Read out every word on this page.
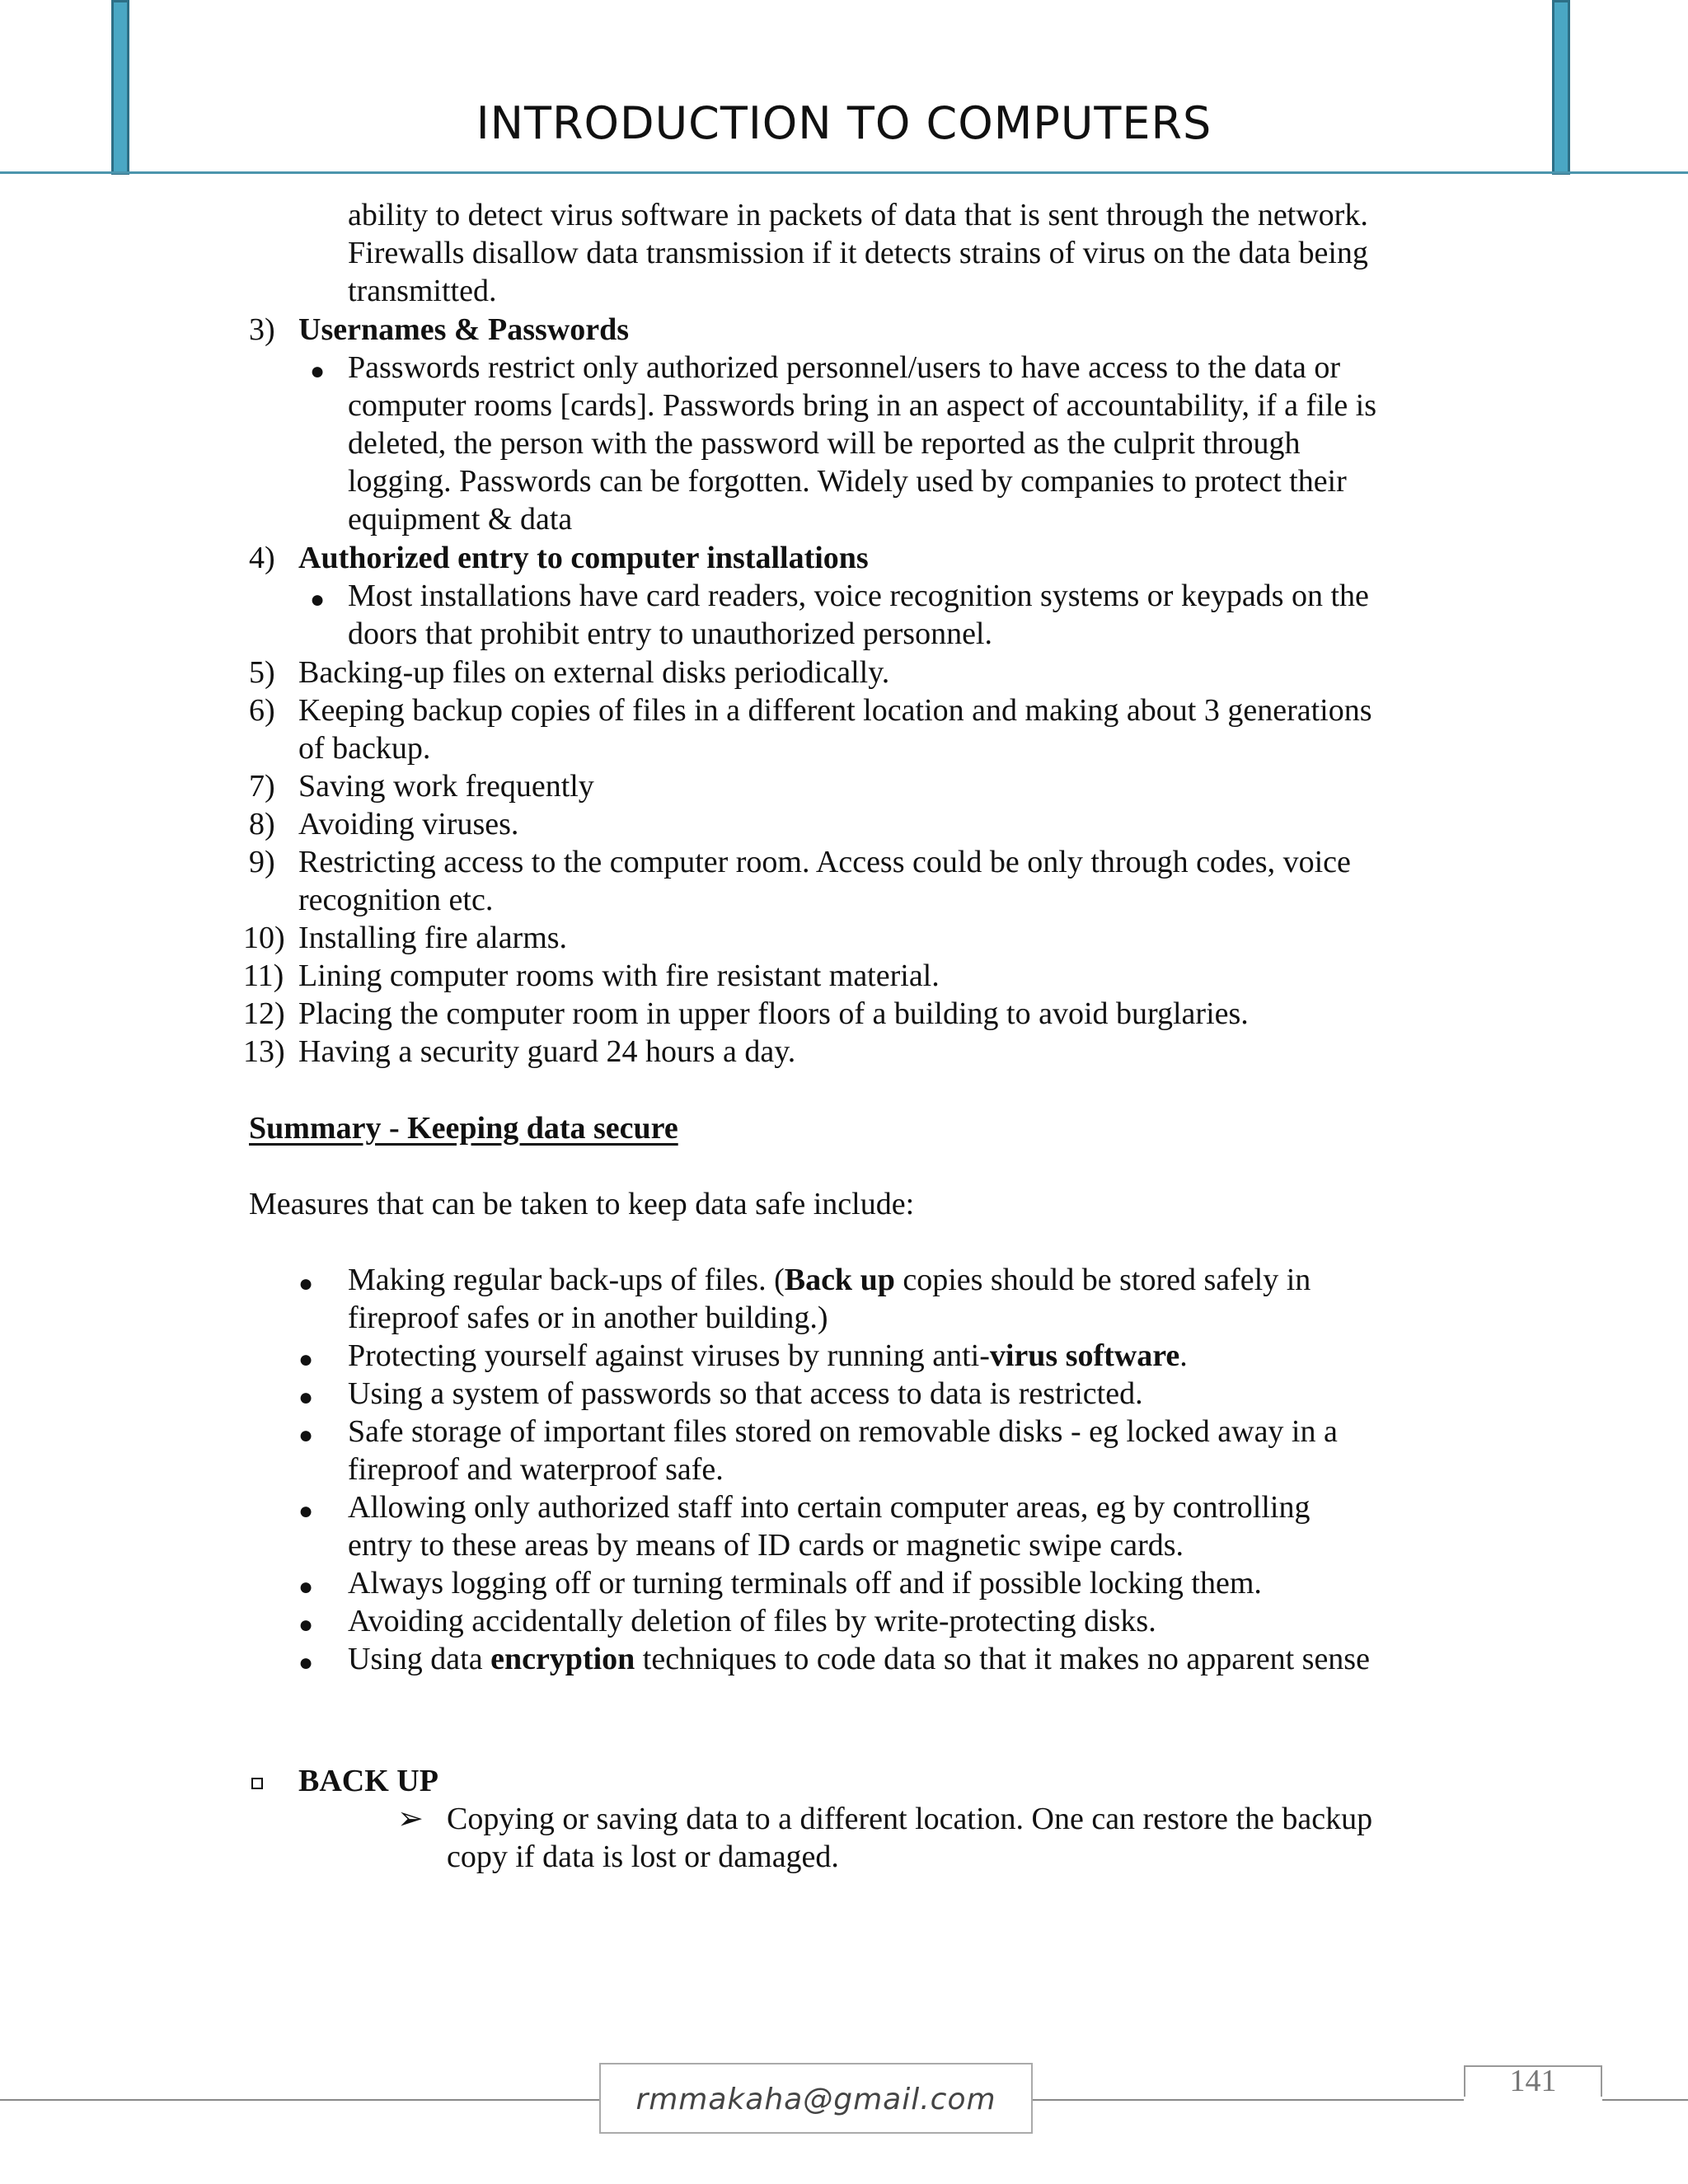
INTRODUCTION TO COMPUTERS
ability to detect virus software in packets of data that is sent through the network.
Firewalls disallow data transmission if it detects strains of virus on the data being
transmitted.
3) Usernames & Passwords
● Passwords restrict only authorized personnel/users to have access to the data or
computer rooms [cards]. Passwords bring in an aspect of accountability, if a file is
deleted, the person with the password will be reported as the culprit through
logging. Passwords can be forgotten. Widely used by companies to protect their
equipment & data
4) Authorized entry to computer installations
● Most installations have card readers, voice recognition systems or keypads on the
doors that prohibit entry to unauthorized personnel.
5) Backing-up files on external disks periodically.
6) Keeping backup copies of files in a different location and making about 3 generations
of backup.
7) Saving work frequently
8) Avoiding viruses.
9) Restricting access to the computer room. Access could be only through codes, voice
recognition etc.
10) Installing fire alarms.
11) Lining computer rooms with fire resistant material.
12) Placing the computer room in upper floors of a building to avoid burglaries.
13) Having a security guard 24 hours a day.
Summary - Keeping data secure
Measures that can be taken to keep data safe include:
● Making regular back-ups of files. (Back up copies should be stored safely in
fireproof safes or in another building.)
● Protecting yourself against viruses by running anti-virus software.
● Using a system of passwords so that access to data is restricted.
● Safe storage of important files stored on removable disks - eg locked away in a
fireproof and waterproof safe.
● Allowing only authorized staff into certain computer areas, eg by controlling
entry to these areas by means of ID cards or magnetic swipe cards.
● Always logging off or turning terminals off and if possible locking them.
● Avoiding accidentally deletion of files by write-protecting disks.
● Using data encryption techniques to code data so that it makes no apparent sense
BACK UP
➢ Copying or saving data to a different location. One can restore the backup
copy if data is lost or damaged.
rmmakaha@gmail.com
141
